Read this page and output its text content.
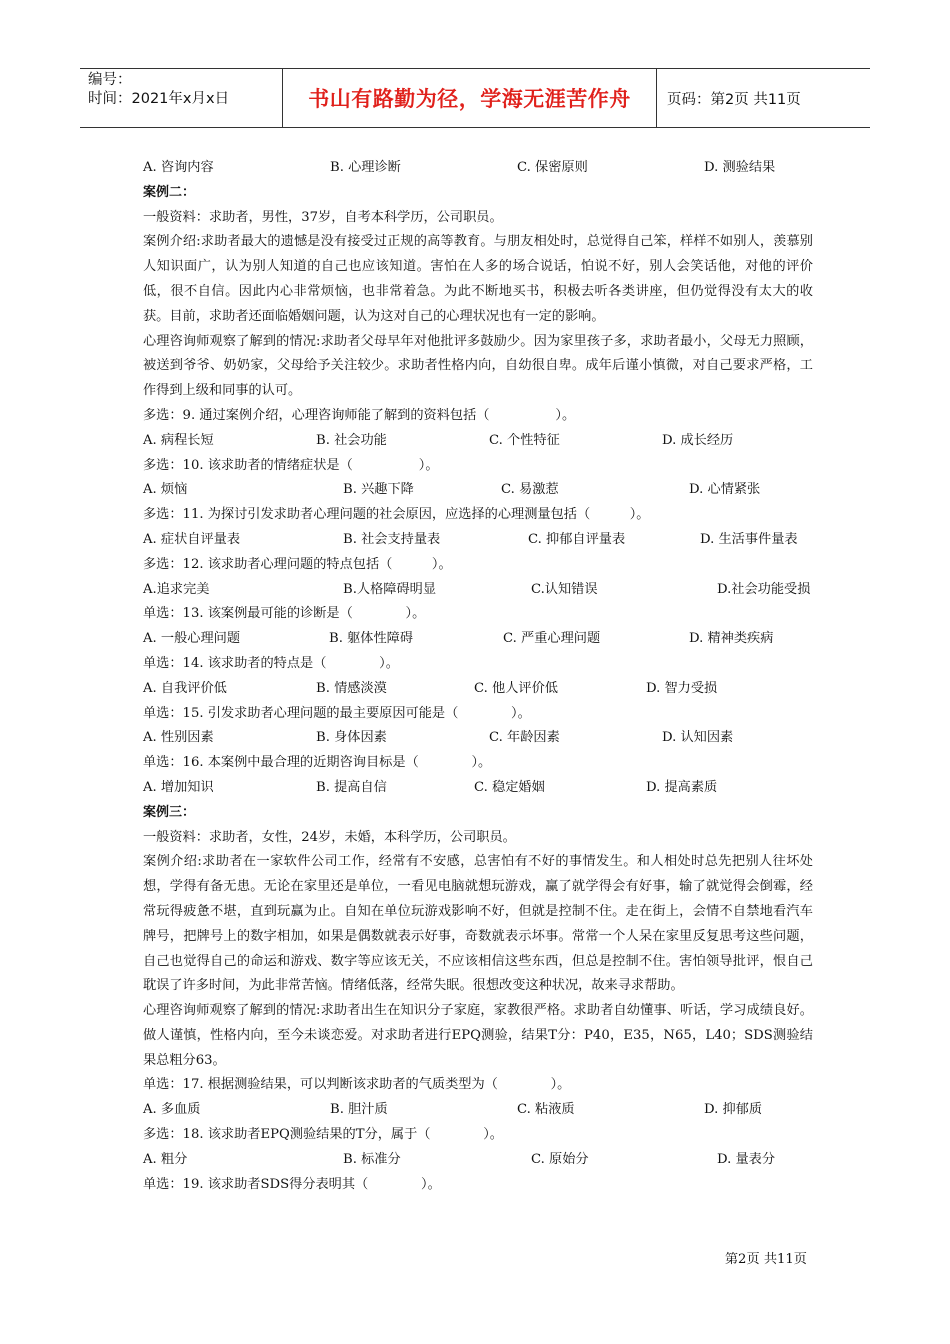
编号：
时间：2021年x月x日	书山有路勤为径，学海无涯苦作舟	页码：第2页 共11页
A. 咨询内容	B. 心理诊断	C. 保密原则	D. 测验结果
案例二：
一般资料：求助者，男性，37岁，自考本科学历，公司职员。
案例介绍:求助者最大的遗憾是没有接受过正规的高等教育。与朋友相处时，总觉得自己笨，样样不如别人，羡慕别人知识面广，认为别人知道的自己也应该知道。害怕在人多的场合说话，怕说不好，别人会笑话他，对他的评价低，很不自信。因此内心非常烦恼，也非常着急。为此不断地买书，积极去听各类讲座，但仍觉得没有太大的收获。目前，求助者还面临婚姻问题，认为这对自己的心理状况也有一定的影响。
心理咨询师观察了解到的情况:求助者父母早年对他批评多鼓励少。因为家里孩子多，求助者最小，父母无力照顾，被送到爷爷、奶奶家，父母给予关注较少。求助者性格内向，自幼很自卑。成年后谨小慎微，对自己要求严格，工作得到上级和同事的认可。
多选：9. 通过案例介绍，心理咨询师能了解到的资料包括（　　　　　）。
A. 病程长短	B. 社会功能	C. 个性特征	D. 成长经历
多选：10. 该求助者的情绪症状是（　　　　　）。
A. 烦恼	B. 兴趣下降	C. 易激惹	D. 心情紧张
多选：11. 为探讨引发求助者心理问题的社会原因，应选择的心理测量包括（　　　）。
A. 症状自评量表	B. 社会支持量表	C. 抑郁自评量表	D. 生活事件量表
多选：12. 该求助者心理问题的特点包括（　　　）。
A.追求完美	B.人格障碍明显	C.认知错误	D.社会功能受损
单选：13. 该案例最可能的诊断是（　　　　）。
A. 一般心理问题	B. 躯体性障碍	C. 严重心理问题	D. 精神类疾病
单选：14. 该求助者的特点是（　　　　）。
A. 自我评价低	B. 情感淡漠	C. 他人评价低	D. 智力受损
单选：15. 引发求助者心理问题的最主要原因可能是（　　　　）。
A. 性别因素	B. 身体因素	C. 年龄因素	D. 认知因素
单选：16. 本案例中最合理的近期咨询目标是（　　　　）。
A. 增加知识	B. 提高自信	C. 稳定婚姻	D. 提高素质
案例三：
一般资料：求助者，女性，24岁，未婚，本科学历，公司职员。
案例介绍:求助者在一家软件公司工作，经常有不安感，总害怕有不好的事情发生。和人相处时总先把别人往坏处想，学得有备无患。无论在家里还是单位，一看见电脑就想玩游戏，赢了就学得会有好事，输了就觉得会倒霉，经常玩得疲惫不堪，直到玩赢为止。自知在单位玩游戏影响不好，但就是控制不住。走在街上，会情不自禁地看汽车牌号，把牌号上的数字相加，如果是偶数就表示好事，奇数就表示坏事。常常一个人呆在家里反复思考这些问题，自己也觉得自己的命运和游戏、数字等应该无关，不应该相信这些东西，但总是控制不住。害怕领导批评，恨自己耽误了许多时间，为此非常苦恼。情绪低落，经常失眠。很想改变这种状况，故来寻求帮助。
心理咨询师观察了解到的情况:求助者出生在知识分子家庭，家教很严格。求助者自幼懂事、听话，学习成绩良好。做人谨慎，性格内向，至今未谈恋爱。对求助者进行EPQ测验，结果T分：P40，E35，N65，L40；SDS测验结果总粗分63。
单选：17. 根据测验结果，可以判断该求助者的气质类型为（　　　　）。
A. 多血质	B. 胆汁质	C. 粘液质	D. 抑郁质
多选：18. 该求助者EPQ测验结果的T分，属于（　　　　）。
A. 粗分	B. 标准分	C. 原始分	D. 量表分
单选：19. 该求助者SDS得分表明其（　　　　）。
第2页 共11页
